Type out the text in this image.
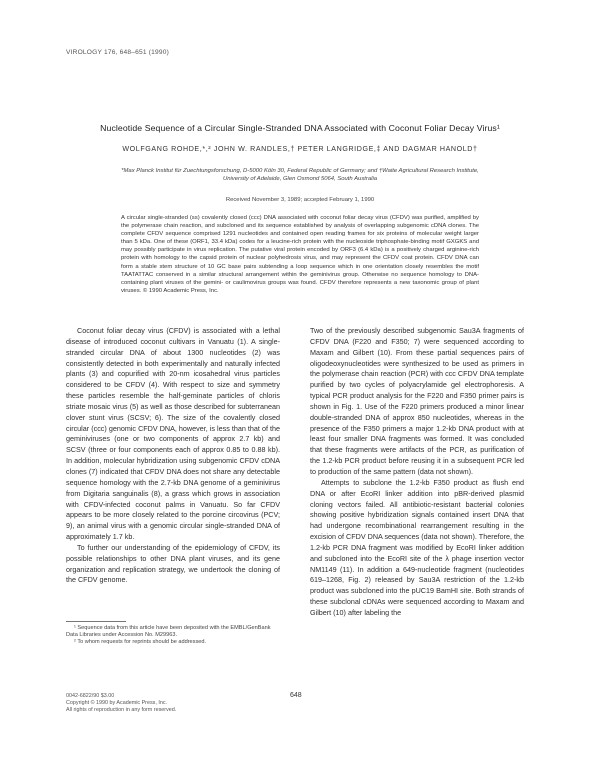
VIROLOGY 176, 648–651 (1990)
Nucleotide Sequence of a Circular Single-Stranded DNA Associated with Coconut Foliar Decay Virus¹
WOLFGANG ROHDE,*,² JOHN W. RANDLES,† PETER LANGRIDGE,‡ AND DAGMAR HANOLD†
*Max Planck Institut für Zuechtungsforschung, D-5000 Köln 30, Federal Republic of Germany; and †Waite Agricultural Research Institute, University of Adelaide, Glen Osmond 5064, South Australia
Received November 3, 1989; accepted February 1, 1990
A circular single-stranded (ss) covalently closed (ccc) DNA associated with coconut foliar decay virus (CFDV) was purified, amplified by the polymerase chain reaction, and subcloned and its sequence established by analysis of overlapping subgenomic cDNA clones. The complete CFDV sequence comprised 1291 nucleotides and contained open reading frames for six proteins of molecular weight larger than 5 kDa. One of these (ORF1, 33.4 kDa) codes for a leucine-rich protein with the nucleoside triphosphate-binding motif GXGKS and may possibly participate in virus replication. The putative viral protein encoded by ORF3 (6.4 kDa) is a positively charged arginine-rich protein with homology to the capsid protein of nuclear polyhedrosis virus, and may represent the CFDV coat protein. CFDV DNA can form a stable stem structure of 10 GC base pairs subtending a loop sequence which in one orientation closely resembles the motif TAATATTAC conserved in a similar structural arrangement within the geminivirus group. Otherwise no sequence homology to DNA-containing plant viruses of the gemini- or caulimovirus groups was found. CFDV therefore represents a new taxonomic group of plant viruses. © 1990 Academic Press, Inc.

Coconut foliar decay virus (CFDV) is associated with a lethal disease of introduced coconut cultivars in Vanuatu (1). A single-stranded circular DNA of about 1300 nucleotides (2) was consistently detected in both experimentally and naturally infected plants (3) and copurified with 20-nm icosahedral virus particles considered to be CFDV (4). With respect to size and symmetry these particles resemble the half-geminate particles of chloris striate mosaic virus (5) as well as those described for subterranean clover stunt virus (SCSV; 6). The size of the covalently closed circular (ccc) genomic CFDV DNA, however, is less than that of the geminiviruses (one or two components of approx 2.7 kb) and SCSV (three or four components each of approx 0.85 to 0.88 kb). In addition, molecular hybridization using subgenomic CFDV cDNA clones (7) indicated that CFDV DNA does not share any detectable sequence homology with the 2.7-kb DNA genome of a geminivirus from Digitaria sanguinalis (8), a grass which grows in association with CFDV-infected coconut palms in Vanuatu. So far CFDV appears to be more closely related to the porcine circovirus (PCV; 9), an animal virus with a genomic circular single-stranded DNA of approximately 1.7 kb.

To further our understanding of the epidemiology of CFDV, its possible relationships to other DNA plant viruses, and its gene organization and replication strategy, we undertook the cloning of the CFDV genome.

Two of the previously described subgenomic Sau3A fragments of CFDV DNA (F220 and F350; 7) were sequenced according to Maxam and Gilbert (10). From these partial sequences pairs of oligodeoxynucleotides were synthesized to be used as primers in the polymerase chain reaction (PCR) with ccc CFDV DNA template purified by two cycles of polyacrylamide gel electrophoresis. A typical PCR product analysis for the F220 and F350 primer pairs is shown in Fig. 1. Use of the F220 primers produced a minor linear double-stranded DNA of approx 850 nucleotides, whereas in the presence of the F350 primers a major 1.2-kb DNA product with at least four smaller DNA fragments was formed. It was concluded that these fragments were artifacts of the PCR, as purification of the 1.2-kb PCR product before reusing it in a subsequent PCR led to production of the same pattern (data not shown).

Attempts to subclone the 1.2-kb F350 product as flush end DNA or after EcoRI linker addition into pBR-derived plasmid cloning vectors failed. All antibiotic-resistant bacterial colonies showing positive hybridization signals contained insert DNA that had undergone recombinational rearrangement resulting in the excision of CFDV DNA sequences (data not shown). Therefore, the 1.2-kb PCR DNA fragment was modified by EcoRI linker addition and subcloned into the EcoRI site of the λ phage insertion vector NM1149 (11). In addition a 649-nucleotide fragment (nucleotides 619–1268, Fig. 2) released by Sau3A restriction of the 1.2-kb product was subcloned into the pUC19 BamHI site. Both strands of these subclonal cDNAs were sequenced according to Maxam and Gilbert (10) after labeling the

¹ Sequence data from this article have been deposited with the EMBL/GenBank Data Libraries under Accession No. M29963.

² To whom requests for reprints should be addressed.

0042-6822/90 $3.00
Copyright © 1990 by Academic Press, Inc.
All rights of reproduction in any form reserved.
648
